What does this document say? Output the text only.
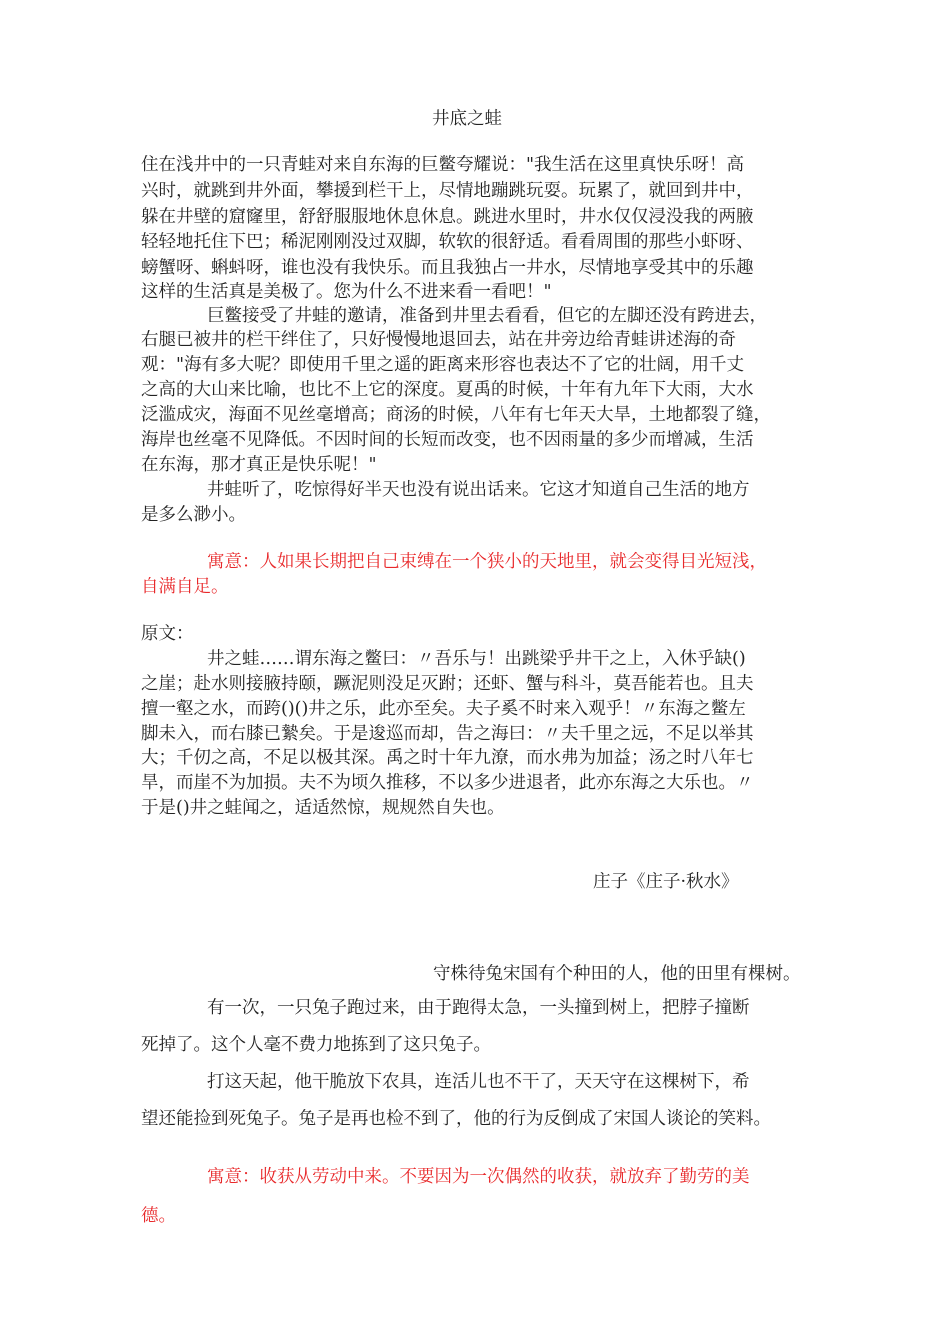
井底之蛙
住在浅井中的一只青蛙对来自东海的巨鳖夸耀说："我生活在这里真快乐呀！高
兴时，就跳到井外面，攀援到栏干上，尽情地蹦跳玩耍。玩累了，就回到井中，
躲在井壁的窟窿里，舒舒服服地休息休息。跳进水里时，井水仅仅浸没我的两腋
轻轻地托住下巴；稀泥刚刚没过双脚，软软的很舒适。看看周围的那些小虾呀、
螃蟹呀、蝌蚪呀，谁也没有我快乐。而且我独占一井水，尽情地享受其中的乐趣
这样的生活真是美极了。您为什么不进来看一看吧！"
巨鳖接受了井蛙的邀请，准备到井里去看看，但它的左脚还没有跨进去，
右腿已被井的栏干绊住了，只好慢慢地退回去，站在井旁边给青蛙讲述海的奇
观："海有多大呢？即使用千里之遥的距离来形容也表达不了它的壮阔，用千丈
之高的大山来比喻，也比不上它的深度。夏禹的时候，十年有九年下大雨，大水
泛滥成灾，海面不见丝毫增高；商汤的时候，八年有七年天大旱，土地都裂了缝，
海岸也丝毫不见降低。不因时间的长短而改变，也不因雨量的多少而增减，生活
在东海，那才真正是快乐呢！"
井蛙听了，吃惊得好半天也没有说出话来。它这才知道自己生活的地方
是多么渺小。
寓意：人如果长期把自己束缚在一个狭小的天地里，就会变得目光短浅，
自满自足。
原文：
井之蛙……谓东海之鳖曰：〃吾乐与！出跳梁乎井干之上，入休乎缺()
之崖；赴水则接腋持颐，蹶泥则没足灭跗；还虾、蟹与科斗，莫吾能若也。且夫
擅一壑之水，而跨()()井之乐，此亦至矣。夫子奚不时来入观乎！〃东海之鳖左
脚未入，而右膝已縶矣。于是逡巡而却，告之海曰：〃夫千里之远，不足以举其
大；千仞之高，不足以极其深。禹之时十年九潦，而水弗为加益；汤之时八年七
旱，而崖不为加损。夫不为顷久推移，不以多少进退者，此亦东海之大乐也。〃
于是()井之蛙闻之，适适然惊，规规然自失也。
庄子《庄子·秋水》
守株待兔宋国有个种田的人，他的田里有棵树。
有一次，一只兔子跑过来，由于跑得太急，一头撞到树上，把脖子撞断
死掉了。这个人毫不费力地拣到了这只兔子。
打这天起，他干脆放下农具，连活儿也不干了，天天守在这棵树下，希
望还能捡到死兔子。兔子是再也检不到了，他的行为反倒成了宋国人谈论的笑料。
寓意：收获从劳动中来。不要因为一次偶然的收获，就放弃了勤劳的美
德。
